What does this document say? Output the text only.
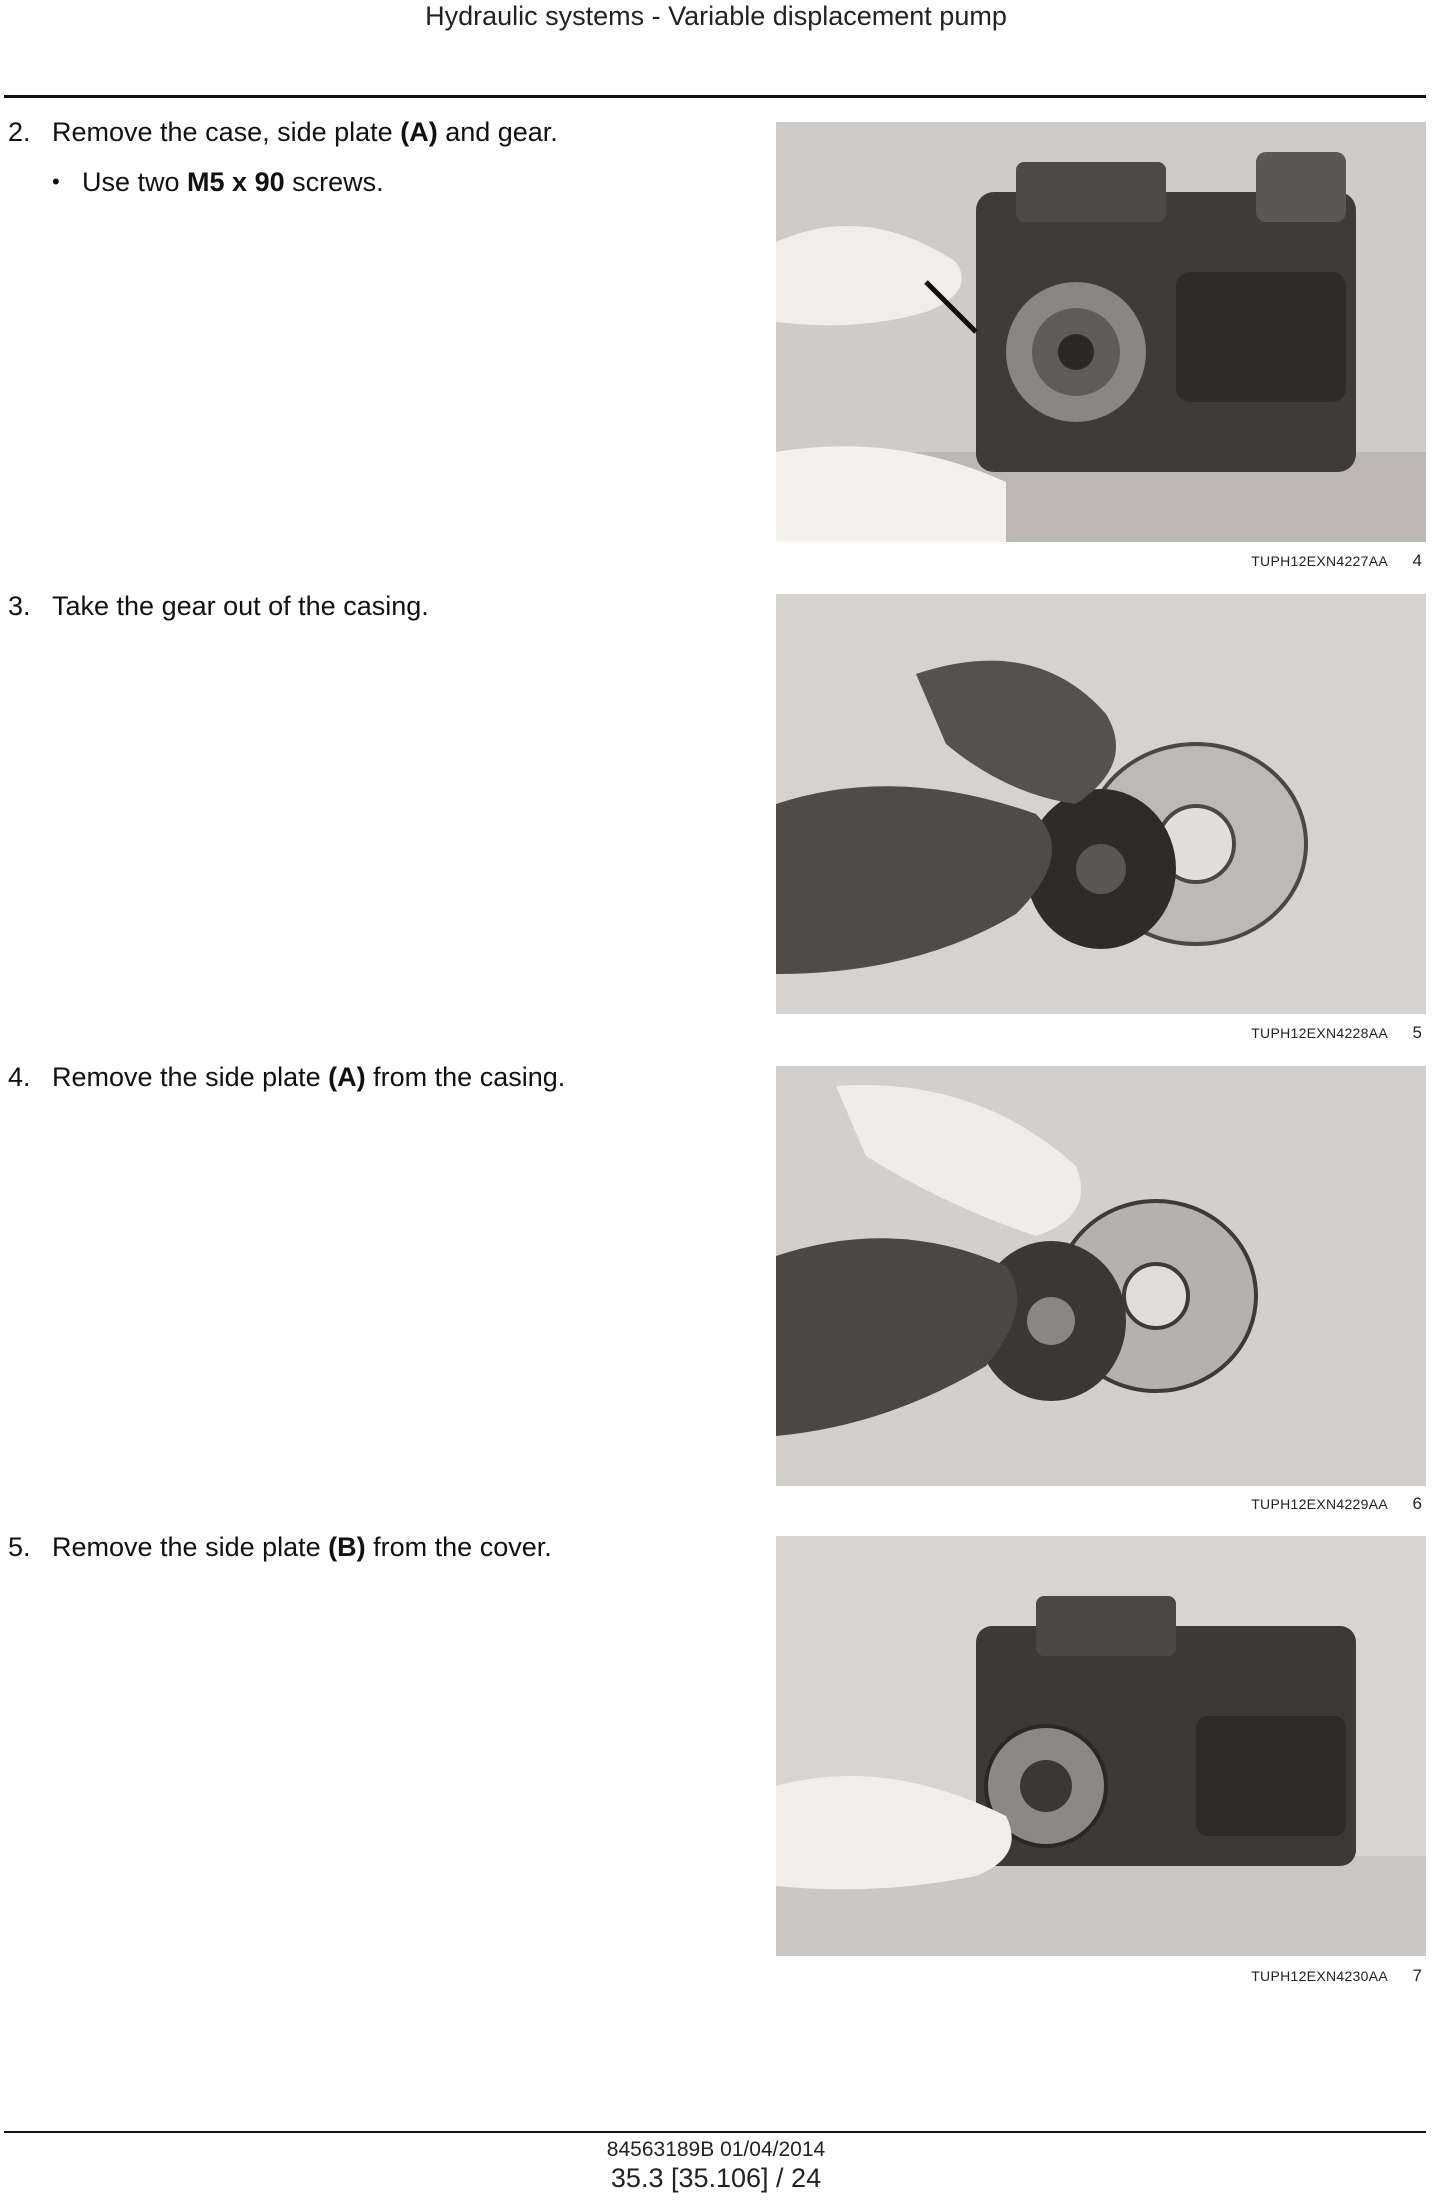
Hydraulic systems - Variable displacement pump
2. Remove the case, side plate (A) and gear.
• Use two M5 x 90 screws.
TUPH12EXN4227AA 4
3. Take the gear out of the casing.
TUPH12EXN4228AA 5
4. Remove the side plate (A) from the casing.
TUPH12EXN4229AA 6
5. Remove the side plate (B) from the cover.
TUPH12EXN4230AA 7
84563189B 01/04/2014
35.3 [35.106] / 24
